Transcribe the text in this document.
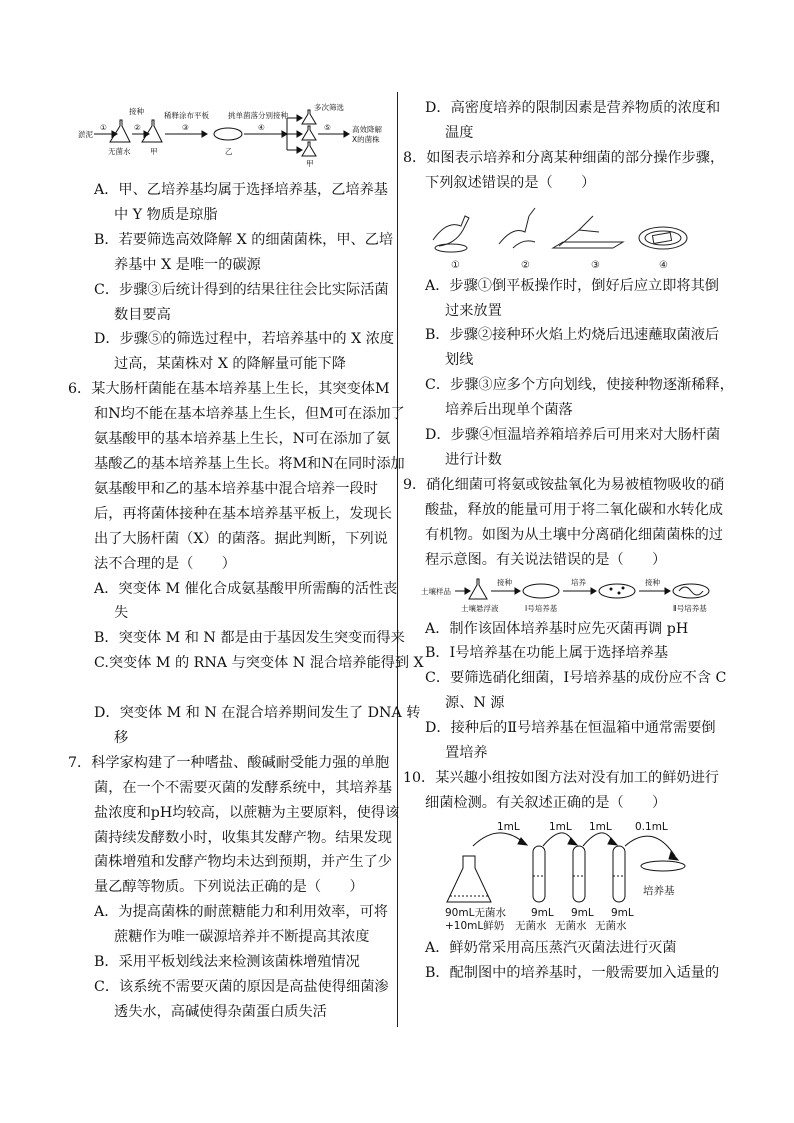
淤泥
①
接种
②
稀释涂布平板
③
挑单菌落分别接种
④	⑤
多次筛选
高效降解
X的菌株
无菌水	甲	乙
甲
A．甲、乙培养基均属于选择培养基，乙培养基
中 Y 物质是琼脂
B．若要筛选高效降解 X 的细菌菌株，甲、乙培
养基中 X 是唯一的碳源
C．步骤③后统计得到的结果往往会比实际活菌
数目要高
D．步骤⑤的筛选过程中，若培养基中的 X 浓度
过高，某菌株对 X 的降解量可能下降
6．某大肠杆菌能在基本培养基上生长，其突变体M
和N均不能在基本培养基上生长，但M可在添加了
氨基酸甲的基本培养基上生长，N可在添加了氨
基酸乙的基本培养基上生长。将M和N在同时添加
氨基酸甲和乙的基本培养基中混合培养一段时
后，再将菌体接种在基本培养基平板上，发现长
出了大肠杆菌（X）的菌落。据此判断，下列说
法不合理的是（　　）
A．突变体 M 催化合成氨基酸甲所需酶的活性丧
失
B．突变体 M 和 N 都是由于基因发生突变而得来
C.突变体 M 的 RNA 与突变体 N 混合培养能得到 X

D．突变体 M 和 N 在混合培养期间发生了 DNA 转
移
7．科学家构建了一种嗜盐、酸碱耐受能力强的单胞
菌，在一个不需要灭菌的发酵系统中，其培养基
盐浓度和pH均较高，以蔗糖为主要原料，使得该
菌持续发酵数小时，收集其发酵产物。结果发现
菌株增殖和发酵产物均未达到预期，并产生了少
量乙醇等物质。下列说法正确的是（　　）
A．为提高菌株的耐蔗糖能力和利用效率，可将
蔗糖作为唯一碳源培养并不断提高其浓度
B．采用平板划线法来检测该菌株增殖情况
C．该系统不需要灭菌的原因是高盐使得细菌渗
透失水，高碱使得杂菌蛋白质失活
D．高密度培养的限制因素是营养物质的浓度和
温度
8．如图表示培养和分离某种细菌的部分操作步骤，
下列叙述错误的是（　　）
①	②	③	④
A．步骤①倒平板操作时，倒好后应立即将其倒
过来放置
B．步骤②接种环火焰上灼烧后迅速蘸取菌液后
划线
C．步骤③应多个方向划线，使接种物逐渐稀释，
培养后出现单个菌落
D．步骤④恒温培养箱培养后可用来对大肠杆菌
进行计数
9．硝化细菌可将氨或铵盐氧化为易被植物吸收的硝
酸盐，释放的能量可用于将二氧化碳和水转化成
有机物。如图为从土壤中分离硝化细菌菌株的过
程示意图。有关说法错误的是（　　）
土壤样品
接种	培养	接种
土壤悬浮液	Ⅰ号培养基	Ⅱ号培养基
A．制作该固体培养基时应先灭菌再调 pH
B．Ⅰ号培养基在功能上属于选择培养基
C．要筛选硝化细菌，Ⅰ号培养基的成份应不含 C
源、N 源
D．接种后的Ⅱ号培养基在恒温箱中通常需要倒
置培养
10．某兴趣小组按如图方法对没有加工的鲜奶进行
细菌检测。有关叙述正确的是（　　）
1mL	1mL 1mL 0.1mL
90mL无菌水
+10mL鲜奶
9mL
无菌水
9mL
无菌水
9mL
无菌水
培养基
A．鲜奶常采用高压蒸汽灭菌法进行灭菌
B．配制图中的培养基时，一般需要加入适量的
